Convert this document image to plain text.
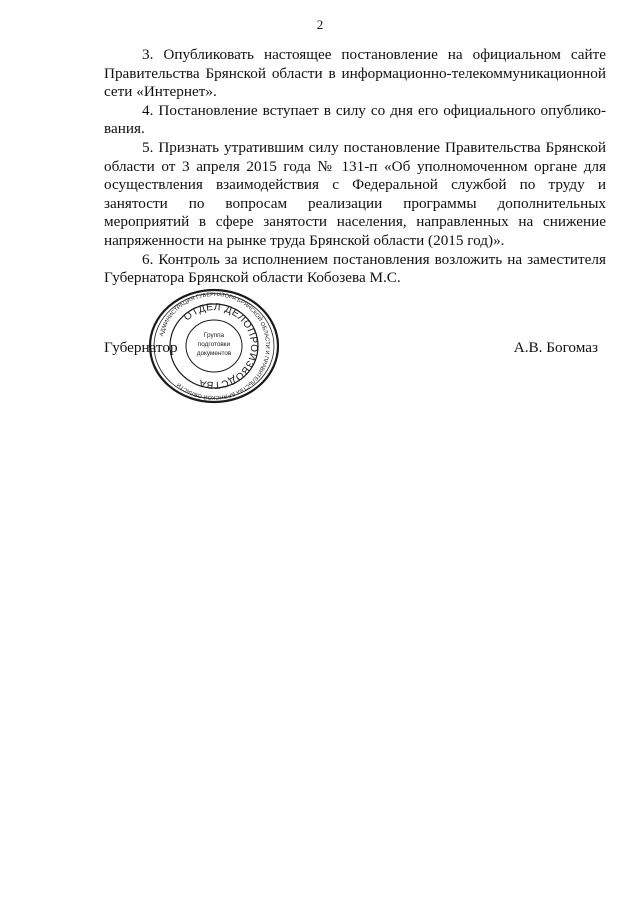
2

3. Опубликовать настоящее постановление на официальном сайте Правительства Брянской области в информационно-телекоммуникационной сети «Интернет».

4. Постановление вступает в силу со дня его официального опубликования.

5. Признать утратившим силу постановление Правительства Брянской области от 3 апреля 2015 года № 131-п «Об уполномоченном органе для осуществления взаимодействия с Федеральной службой по труду и занятости по вопросам реализации программы дополнительных мероприятий в сфере занятости населения, направленных на снижение напряженности на рынке труда Брянской области (2015 год)».

6. Контроль за исполнением постановления возложить на заместителя Губернатора Брянской области Кобозева М.С.

Губернатор	А.В. Богомаз
АДМИНИСТРАЦИЯ ГУБЕРНАТОРА БРЯНСКОЙ ОБЛАСТИ И ПРАВИТЕЛЬСТВА БРЯНСКОЙ ОБЛАСТИ
ОТДЕЛ ДЕЛОПРОИЗВОДСТВА
Группа
подготовки
документов
